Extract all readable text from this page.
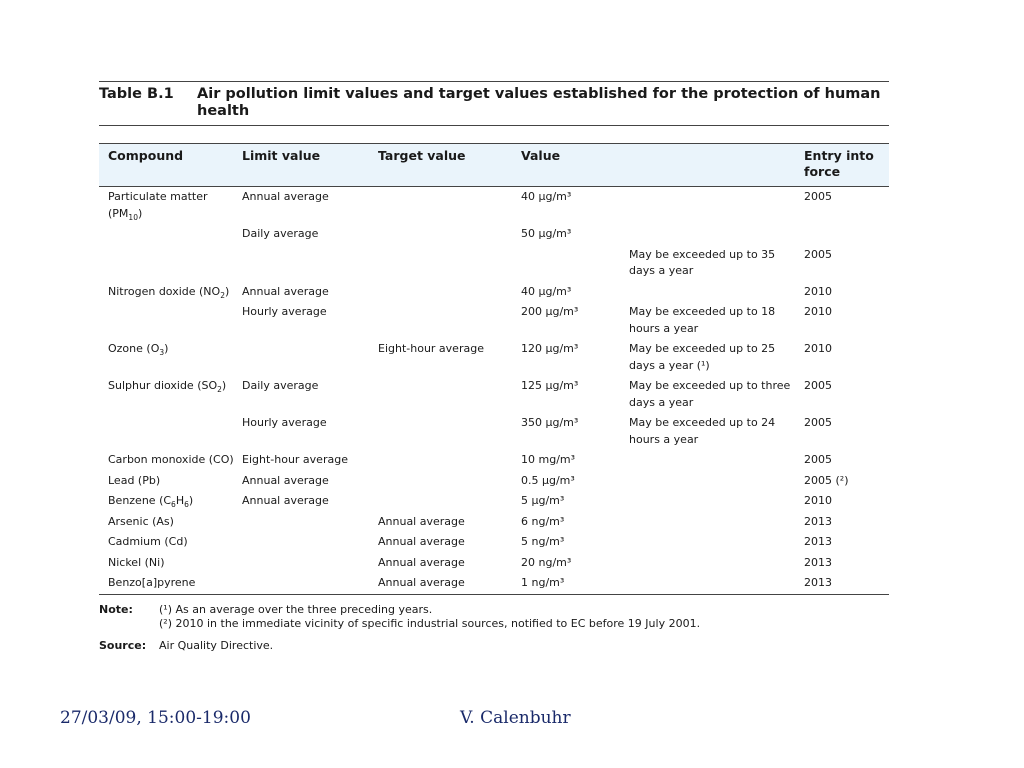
Table B.1	Air pollution limit values and target values established for the protection of human health
Compound	Limit value	Target value	Value		Entry into force
Particulate matter $(PM_{10})$	Annual average		40 µg/m³		2005
	Daily average		50 µg/m³		
				May be exceeded up to 35 days a year	2005
Nitrogen doxide $(NO_2)$	Annual average		40 µg/m³		2010
	Hourly average		200 µg/m³	May be exceeded up to 18 hours a year	2010
Ozone $(O_3)$		Eight-hour average	120 µg/m³	May be exceeded up to 25 days a year (¹)	2010
Sulphur dioxide $(SO_2)$	Daily average		125 µg/m³	May be exceeded up to three days a year	2005
	Hourly average		350 µg/m³	May be exceeded up to 24 hours a year	2005
Carbon monoxide (CO)	Eight-hour average		10 mg/m³		2005
Lead (Pb)	Annual average		0.5 µg/m³		2005 (²)
Benzene $(C_6H_6)$	Annual average		5 µg/m³		2010
Arsenic (As)		Annual average	6 ng/m³		2013
Cadmium (Cd)		Annual average	5 ng/m³		2013
Nickel (Ni)		Annual average	20 ng/m³		2013
Benzo[a]pyrene		Annual average	1 ng/m³		2013
Note:	(¹) As an average over the three preceding years.
(²) 2010 in the immediate vicinity of specific industrial sources, notified to EC before 19 July 2001.
Source:	Air Quality Directive.
27/03/09, 15:00-19:00	V. Calenbuhr
